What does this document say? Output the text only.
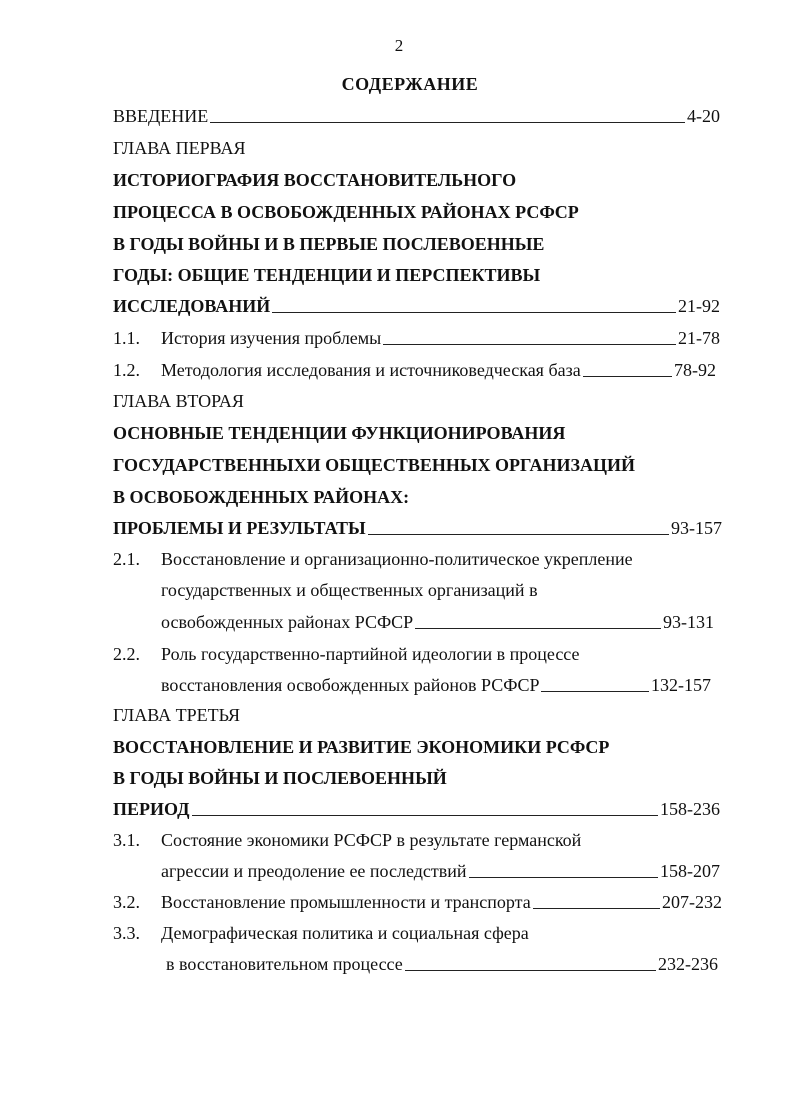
2
СОДЕРЖАНИЕ
ВВЕДЕНИЕ	4-20
ГЛАВА ПЕРВАЯ
ИСТОРИОГРАФИЯ ВОССТАНОВИТЕЛЬНОГО
ПРОЦЕССА В ОСВОБОЖДЕННЫХ РАЙОНАХ РСФСР
В ГОДЫ ВОЙНЫ И В ПЕРВЫЕ ПОСЛЕВОЕННЫЕ
ГОДЫ: ОБЩИЕ ТЕНДЕНЦИИ И ПЕРСПЕКТИВЫ
ИССЛЕДОВАНИЙ	21-92
1.1.	История изучения проблемы	21-78
1.2.	Методология исследования и источниковедческая база	78-92
ГЛАВА ВТОРАЯ
ОСНОВНЫЕ ТЕНДЕНЦИИ ФУНКЦИОНИРОВАНИЯ
ГОСУДАРСТВЕННЫХИ ОБЩЕСТВЕННЫХ ОРГАНИЗАЦИЙ
В ОСВОБОЖДЕННЫХ РАЙОНАХ:
ПРОБЛЕМЫ И РЕЗУЛЬТАТЫ	93-157
2.1. Восстановление и организационно-политическое укрепление
государственных и общественных организаций в
освобожденных районах РСФСР	93-131
2.2. Роль государственно-партийной идеологии в процессе
восстановления освобожденных районов РСФСР	132-157
ГЛАВА ТРЕТЬЯ
ВОССТАНОВЛЕНИЕ И РАЗВИТИЕ ЭКОНОМИКИ РСФСР
В ГОДЫ ВОЙНЫ И ПОСЛЕВОЕННЫЙ
ПЕРИОД	158-236
3.1. Состояние экономики РСФСР в результате германской
агрессии и преодоление ее последствий	158-207
3.2.	Восстановление промышленности и транспорта	207-232
3.3. Демографическая политика и социальная сфера
в восстановительном процессе	232-236
